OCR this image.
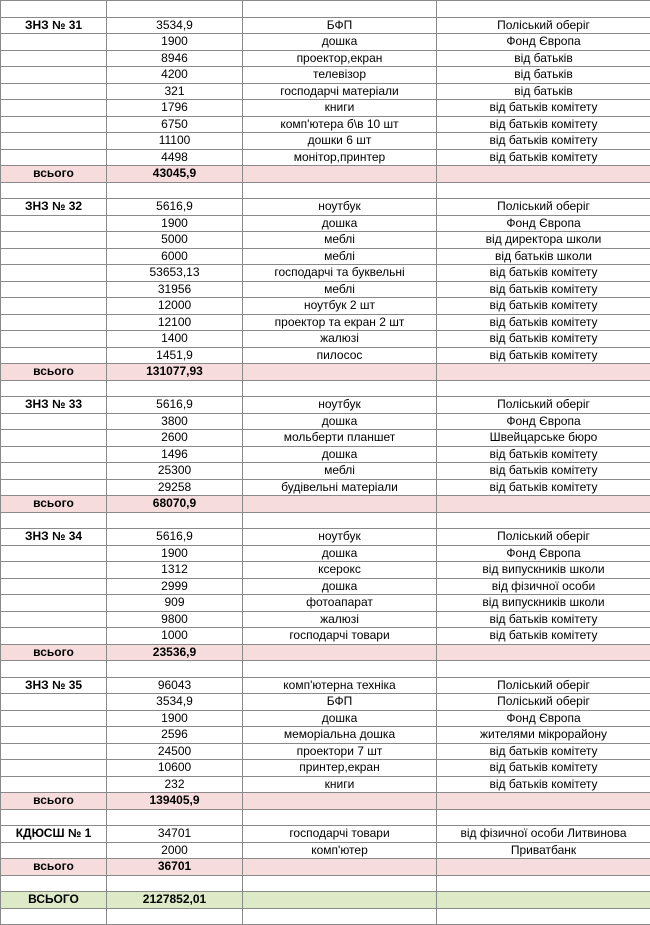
ЗНЗ № 31	3534,9	БФП	Поліський оберіг
	1900	дошка	Фонд Європа
	8946	проектор,екран	від батьків
	4200	телевізор	від батьків
	321	господарчі матеріали	від батьків
	1796	книги	від батьків комітету
	6750	комп'ютера б\в 10 шт	від батьків комітету
	11100	дошки 6 шт	від батьків комітету
	4498	монітор,принтер	від батьків комітету
всього	43045,9		

ЗНЗ № 32	5616,9	ноутбук	Поліський оберіг
	1900	дошка	Фонд Європа
	5000	меблі	від директора школи
	6000	меблі	від батьків школи
	53653,13	господарчі та буквельні	від батьків комітету
	31956	меблі	від батьків комітету
	12000	ноутбук 2 шт	від батьків комітету
	12100	проектор та екран 2 шт	від батьків комітету
	1400	жалюзі	від батьків комітету
	1451,9	пилосос	від батьків комітету
всього	131077,93		

ЗНЗ № 33	5616,9	ноутбук	Поліський оберіг
	3800	дошка	Фонд Європа
	2600	мольберти планшет	Швейцарське бюро
	1496	дошка	від батьків комітету
	25300	меблі	від батьків комітету
	29258	будівельні матеріали	від батьків комітету
всього	68070,9		

ЗНЗ № 34	5616,9	ноутбук	Поліський оберіг
	1900	дошка	Фонд Європа
	1312	ксерокс	від випускників школи
	2999	дошка	від фізичної особи
	909	фотоапарат	від випускників школи
	9800	жалюзі	від батьків комітету
	1000	господарчі товари	від батьків комітету
всього	23536,9		

ЗНЗ № 35	96043	комп'ютерна техніка	Поліський оберіг
	3534,9	БФП	Поліський оберіг
	1900	дошка	Фонд Європа
	2596	меморіальна дошка	жителями мікрорайону
	24500	проектори 7 шт	від батьків комітету
	10600	принтер,екран	від батьків комітету
	232	книги	від батьків комітету
всього	139405,9		

КДЮСШ № 1	34701	господарчі товари	від фізичної особи Литвинова
	2000	комп'ютер	Приватбанк
всього	36701		

ВСЬОГО	2127852,01		
